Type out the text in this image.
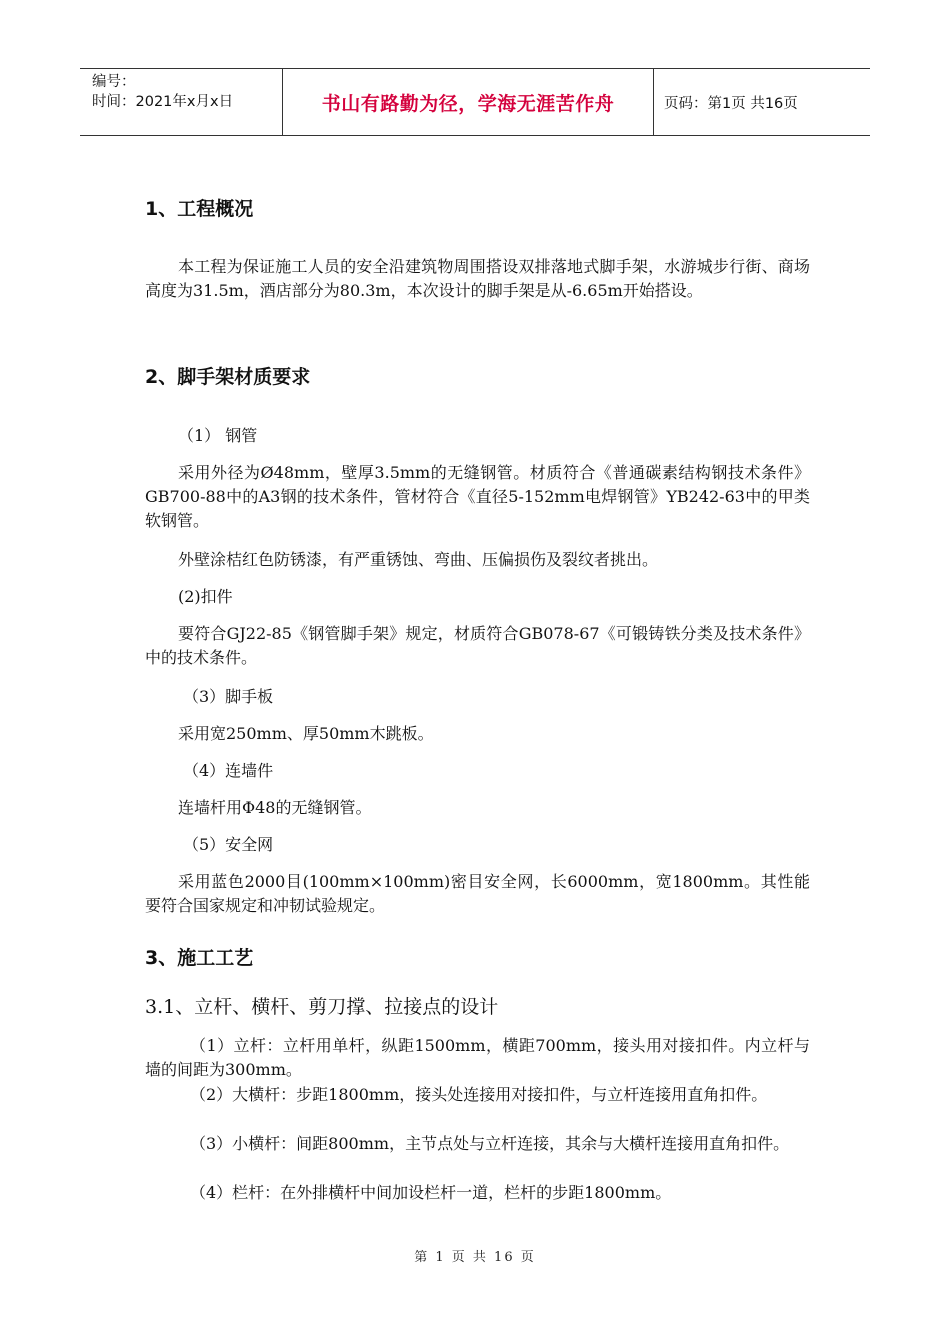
编号：
时间：2021年x月x日	书山有路勤为径，学海无涯苦作舟	页码：第1页 共16页
1、工程概况

本工程为保证施工人员的安全沿建筑物周围搭设双排落地式脚手架，水游城步行街、商场高度为31.5m，酒店部分为80.3m，本次设计的脚手架是从-6.65m开始搭设。

2、脚手架材质要求
（1） 钢管

采用外径为Ø48mm，壁厚3.5mm的无缝钢管。材质符合《普通碳素结构钢技术条件》GB700-88中的A3钢的技术条件，管材符合《直径5-152mm电焊钢管》YB242-63中的甲类软钢管。

外壁涂桔红色防锈漆，有严重锈蚀、弯曲、压偏损伤及裂纹者挑出。

(2)扣件

要符合GJ22-85《钢管脚手架》规定，材质符合GB078-67《可锻铸铁分类及技术条件》中的技术条件。

（3）脚手板

采用宽250mm、厚50mm木跳板。

（4）连墙件

连墙杆用Φ48的无缝钢管。

（5）安全网

采用蓝色2000目(100mm×100mm)密目安全网，长6000mm，宽1800mm。其性能要符合国家规定和冲韧试验规定。

3、施工工艺
3.1、立杆、横杆、剪刀撑、拉接点的设计

（1）立杆：立杆用单杆，纵距1500mm，横距700mm，接头用对接扣件。内立杆与墙的间距为300mm。

（2）大横杆：步距1800mm，接头处连接用对接扣件，与立杆连接用直角扣件。

（3）小横杆：间距800mm，主节点处与立杆连接，其余与大横杆连接用直角扣件。

（4）栏杆：在外排横杆中间加设栏杆一道，栏杆的步距1800mm。

第 1 页 共 16 页
